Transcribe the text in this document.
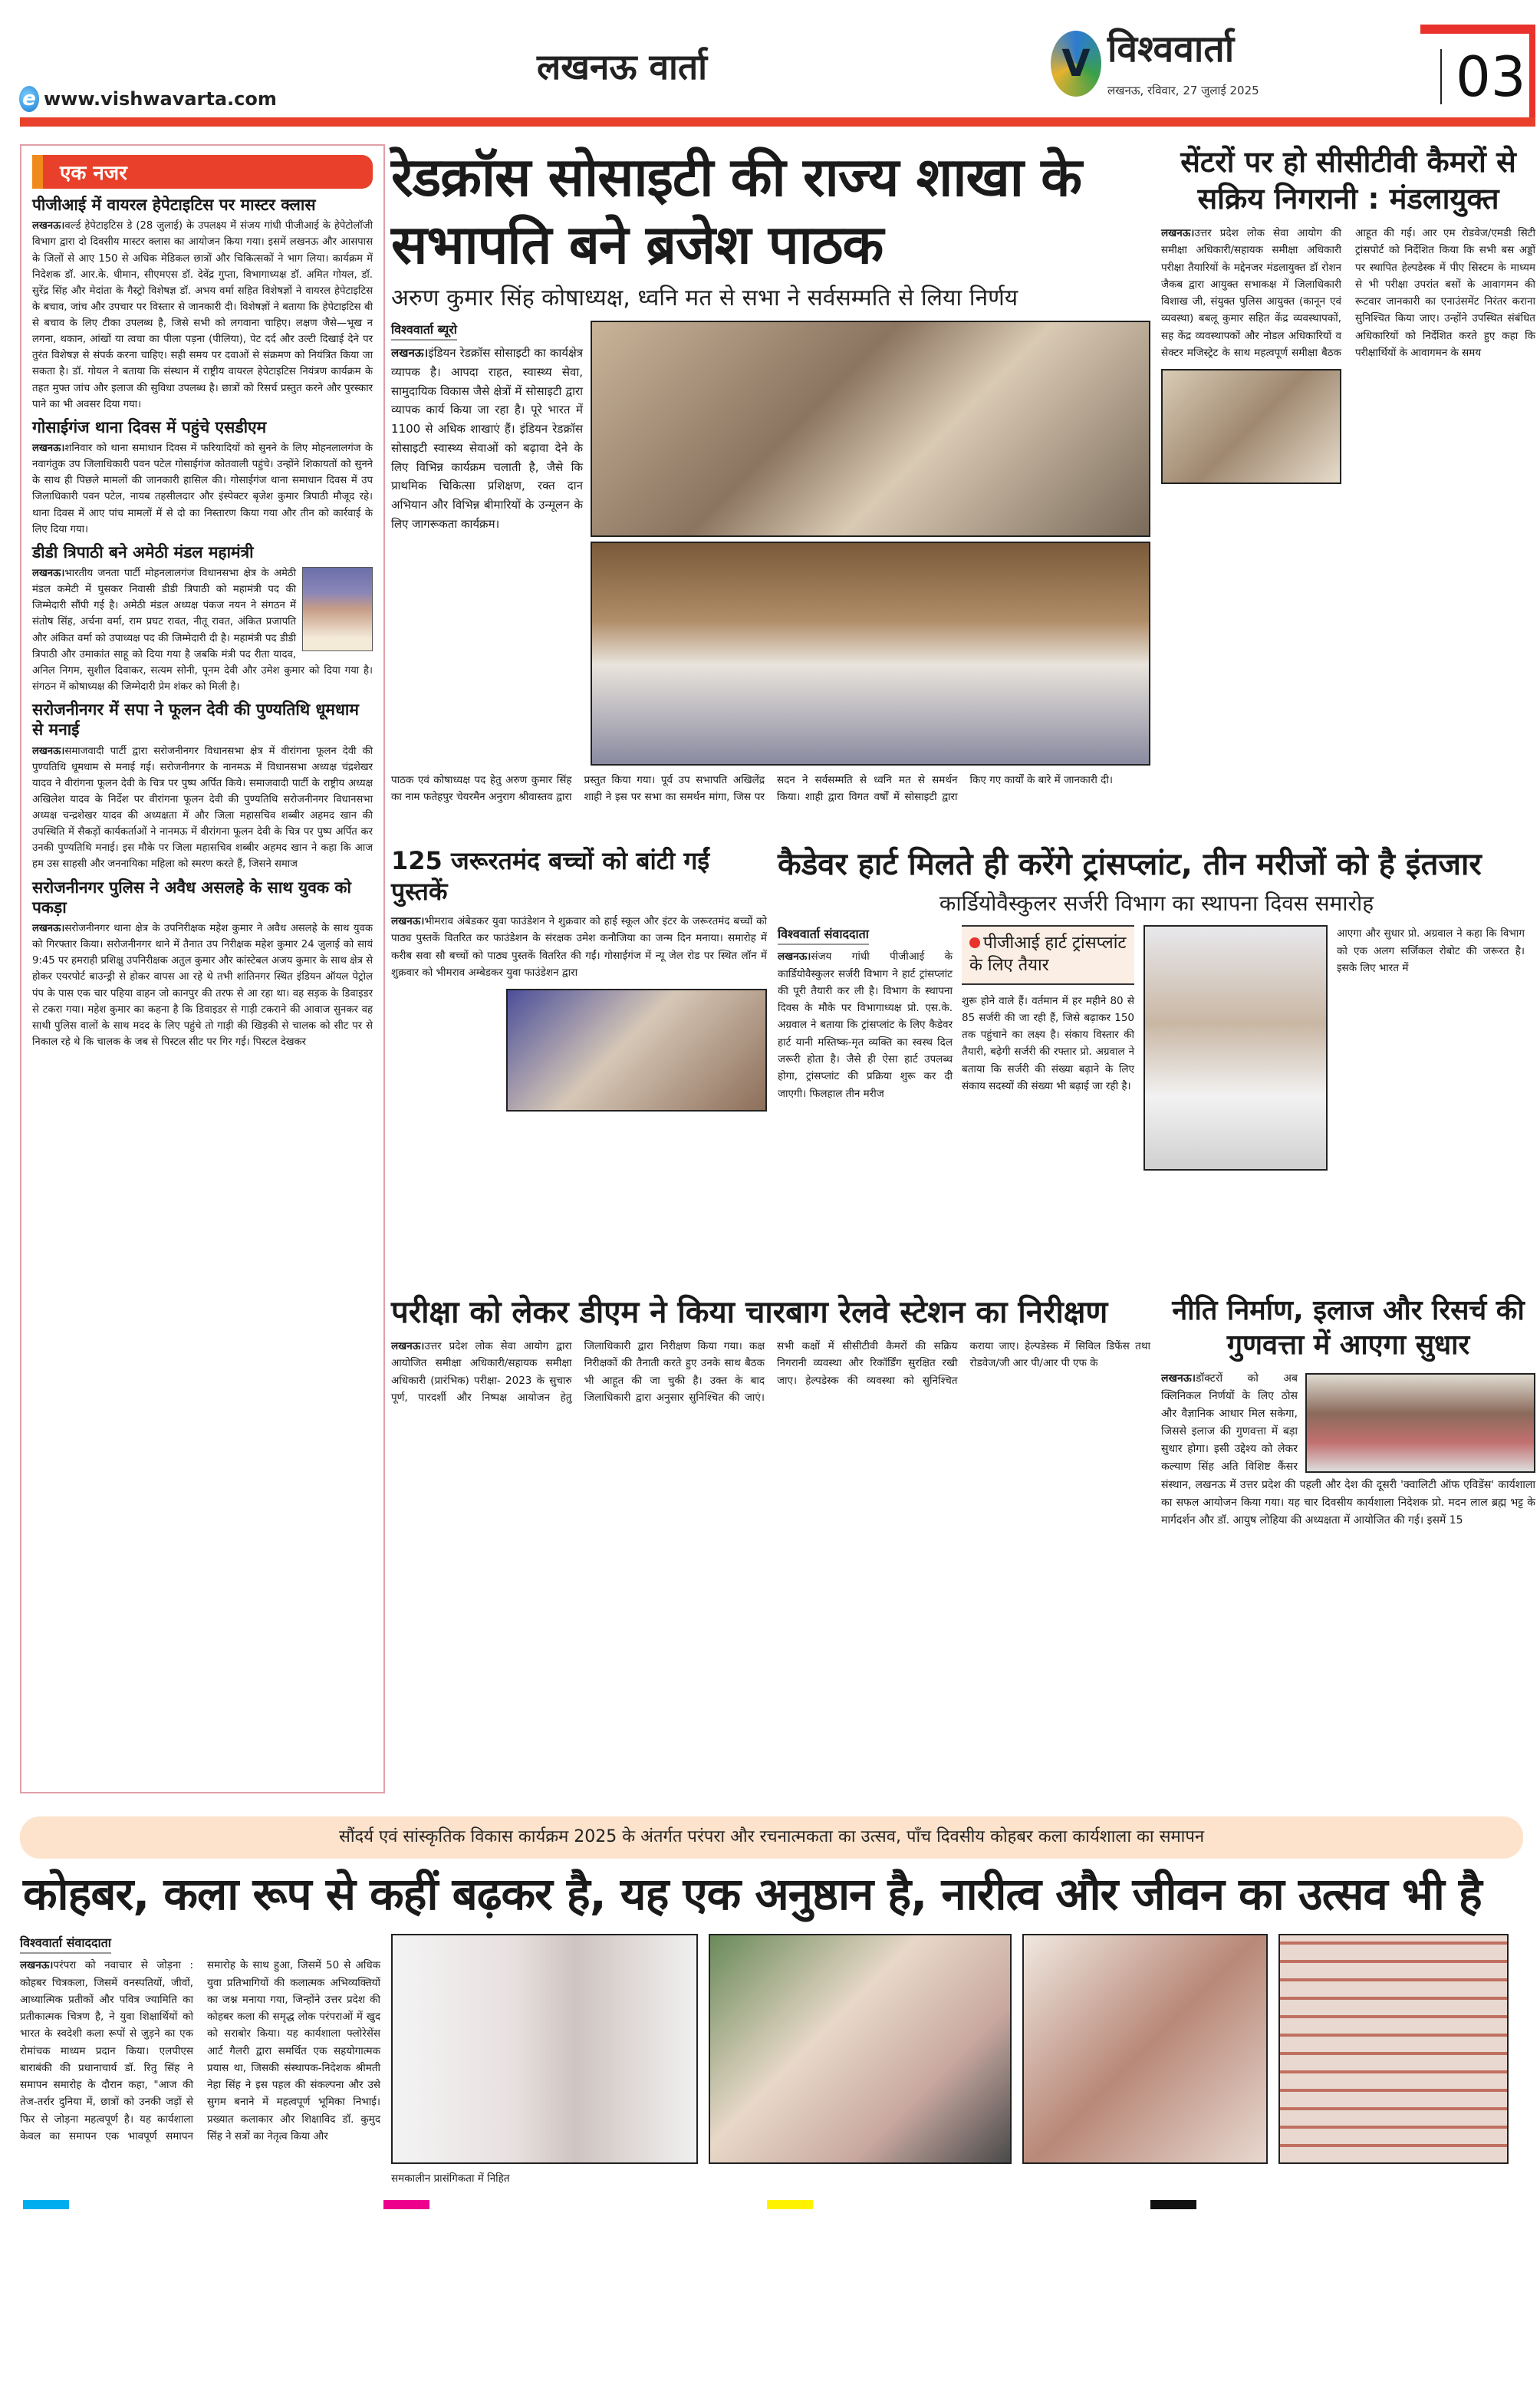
e www.vishwavarta.com
लखनऊ वार्ता	V विश्ववार्ता
लखनऊ, रविवार, 27 जुलाई 2025	03
एक नजर
पीजीआई में वायरल हेपेटाइटिस पर मास्टर क्लास

लखनऊ।वर्ल्ड हेपेटाइटिस डे (28 जुलाई) के उपलक्ष्य में संजय गांधी पीजीआई के हेपेटोलॉजी विभाग द्वारा दो दिवसीय मास्टर क्लास का आयोजन किया गया। इसमें लखनऊ और आसपास के जिलों से आए 150 से अधिक मेडिकल छात्रों और चिकित्सकों ने भाग लिया। कार्यक्रम में निदेशक डॉ. आर.के. धीमान, सीएमएस डॉ. देवेंद्र गुप्ता, विभागाध्यक्ष डॉ. अमित गोयल, डॉ. सुरेंद्र सिंह और मेदांता के गैस्ट्रो विशेषज्ञ डॉ. अभय वर्मा सहित विशेषज्ञों ने वायरल हेपेटाइटिस के बचाव, जांच और उपचार पर विस्तार से जानकारी दी। विशेषज्ञों ने बताया कि हेपेटाइटिस बी से बचाव के लिए टीका उपलब्ध है, जिसे सभी को लगवाना चाहिए। लक्षण जैसे—भूख न लगना, थकान, आंखों या त्वचा का पीला पड़ना (पीलिया), पेट दर्द और उल्टी दिखाई देने पर तुरंत विशेषज्ञ से संपर्क करना चाहिए। सही समय पर दवाओं से संक्रमण को नियंत्रित किया जा सकता है। डॉ. गोयल ने बताया कि संस्थान में राष्ट्रीय वायरल हेपेटाइटिस नियंत्रण कार्यक्रम के तहत मुफ्त जांच और इलाज की सुविधा उपलब्ध है। छात्रों को रिसर्च प्रस्तुत करने और पुरस्कार पाने का भी अवसर दिया गया।

गोसाईगंज थाना दिवस में पहुंचे एसडीएम

लखनऊ।शनिवार को थाना समाधान दिवस में फरियादियों को सुनने के लिए मोहनलालगंज के नवागंतुक उप जिलाधिकारी पवन पटेल गोसाईगंज कोतवाली पहुंचे। उन्होंने शिकायतों को सुनने के साथ ही पिछले मामलों की जानकारी हासिल की। गोसाईगंज थाना समाधान दिवस में उप जिलाधिकारी पवन पटेल, नायब तहसीलदार और इंस्पेक्टर बृजेश कुमार त्रिपाठी मौजूद रहे। थाना दिवस में आए पांच मामलों में से दो का निस्तारण किया गया और तीन को कार्रवाई के लिए दिया गया।

डीडी त्रिपाठी बने अमेठी मंडल महामंत्री

लखनऊ।भारतीय जनता पार्टी मोहनलालगंज विधानसभा क्षेत्र के अमेठी मंडल कमेटी में घुसकर निवासी डीडी त्रिपाठी को महामंत्री पद की जिम्मेदारी सौंपी गई है। अमेठी मंडल अध्यक्ष पंकज नयन ने संगठन में संतोष सिंह, अर्चना वर्मा, राम प्रघट रावत, नीतू रावत, अंकित प्रजापति और अंकित वर्मा को उपाध्यक्ष पद की जिम्मेदारी दी है। महामंत्री पद डीडी त्रिपाठी और उमाकांत साहू को दिया गया है जबकि मंत्री पद रीता यादव, अनिल निगम, सुशील दिवाकर, सत्यम सोनी, पूनम देवी और उमेश कुमार को दिया गया है। संगठन में कोषाध्यक्ष की जिम्मेदारी प्रेम शंकर को मिली है।

सरोजनीनगर में सपा ने फूलन देवी की पुण्यतिथि धूमधाम से मनाई

लखनऊ।समाजवादी पार्टी द्वारा सरोजनीनगर विधानसभा क्षेत्र में वीरांगना फूलन देवी की पुण्यतिथि धूमधाम से मनाई गई। सरोजनीनगर के नानमऊ में विधानसभा अध्यक्ष चंद्रशेखर यादव ने वीरांगना फूलन देवी के चित्र पर पुष्प अर्पित किये। समाजवादी पार्टी के राष्ट्रीय अध्यक्ष अखिलेश यादव के निर्देश पर वीरांगना फूलन देवी की पुण्यतिथि सरोजनीनगर विधानसभा अध्यक्ष चन्द्रशेखर यादव की अध्यक्षता में और जिला महासचिव शब्बीर अहमद खान की उपस्थिति में सैकड़ों कार्यकर्ताओं ने नानमऊ में वीरांगना फूलन देवी के चित्र पर पुष्प अर्पित कर उनकी पुण्यतिथि मनाई। इस मौके पर जिला महासचिव शब्बीर अहमद खान ने कहा कि आज हम उस साहसी और जननायिका महिला को स्मरण करते हैं, जिसने समाज

सरोजनीनगर पुलिस ने अवैध असलहे के साथ युवक को पकड़ा

लखनऊ।सरोजनीनगर थाना क्षेत्र के उपनिरीक्षक महेश कुमार ने अवैध असलहे के साथ युवक को गिरफ्तार किया। सरोजनीनगर थाने में तैनात उप निरीक्षक महेश कुमार 24 जुलाई को सायं 9:45 पर हमराही प्रशिक्षु उपनिरीक्षक अतुल कुमार और कांस्टेबल अजय कुमार के साथ क्षेत्र से होकर एयरपोर्ट बाउन्ड्री से होकर वापस आ रहे थे तभी शांतिनगर स्थित इंडियन ऑयल पेट्रोल पंप के पास एक चार पहिया वाहन जो कानपुर की तरफ से आ रहा था। वह सड़क के डिवाइडर से टकरा गया। महेश कुमार का कहना है कि डिवाइडर से गाड़ी टकराने की आवाज सुनकर वह साथी पुलिस वालों के साथ मदद के लिए पहुंचे तो गाड़ी की खिड़की से चालक को सीट पर से निकाल रहे थे कि चालक के जब से पिस्टल सीट पर गिर गई। पिस्टल देखकर

रेडक्रॉस सोसाइटी की राज्य शाखा के सभापति बने ब्रजेश पाठक
अरुण कुमार सिंह कोषाध्यक्ष, ध्वनि मत से सभा ने सर्वसम्मति से लिया निर्णय
विश्ववार्ता ब्यूरो

लखनऊ।इंडियन रेडक्रॉस सोसाइटी का कार्यक्षेत्र व्यापक है। आपदा राहत, स्वास्थ्य सेवा, सामुदायिक विकास जैसे क्षेत्रों में सोसाइटी द्वारा व्यापक कार्य किया जा रहा है। पूरे भारत में 1100 से अधिक शाखाएं हैं। इंडियन रेडक्रॉस सोसाइटी स्वास्थ्य सेवाओं को बढ़ावा देने के लिए विभिन्न कार्यक्रम चलाती है, जैसे कि प्राथमिक चिकित्सा प्रशिक्षण, रक्त दान अभियान और विभिन्न बीमारियों के उन्मूलन के लिए जागरूकता कार्यक्रम।

पाठक एवं कोषाध्यक्ष पद हेतु अरुण कुमार सिंह का नाम फतेहपुर चेयरमैन अनुराग श्रीवास्तव द्वारा प्रस्तुत किया गया। पूर्व उप सभापति अखिलेंद्र शाही ने इस पर सभा का समर्थन मांगा, जिस पर सदन ने सर्वसम्मति से ध्वनि मत से समर्थन किया। शाही द्वारा विगत वर्षों में सोसाइटी द्वारा किए गए कार्यों के बारे में जानकारी दी।

सेंटरों पर हो सीसीटीवी कैमरों से सक्रिय निगरानी : मंडलायुक्त

लखनऊ।उत्तर प्रदेश लोक सेवा आयोग की समीक्षा अधिकारी/सहायक समीक्षा अधिकारी परीक्षा तैयारियों के मद्देनजर मंडलायुक्त डॉ रोशन जैकब द्वारा आयुक्त सभाकक्ष में जिलाधिकारी विशाख जी, संयुक्त पुलिस आयुक्त (कानून एवं व्यवस्था) बबलू कुमार सहित केंद्र व्यवस्थापकों, सह केंद्र व्यवस्थापकों और नोडल अधिकारियों व सेक्टर मजिस्ट्रेट के साथ महत्वपूर्ण समीक्षा बैठक आहूत की गई। आर एम रोडवेज/एमडी सिटी ट्रांसपोर्ट को निर्देशित किया कि सभी बस अड्डों पर स्थापित हेल्पडेस्क में पीए सिस्टम के माध्यम से भी परीक्षा उपरांत बसों के आवागमन की रूटवार जानकारी का एनाउंसमेंट निरंतर कराना सुनिश्चित किया जाए। उन्होंने उपस्थित संबंधित अधिकारियों को निर्देशित करते हुए कहा कि परीक्षार्थियों के आवागमन के समय

125 जरूरतमंद बच्चों को बांटी गईं पुस्तकें

लखनऊ।भीमराव अंबेडकर युवा फाउंडेशन ने शुक्रवार को हाई स्कूल और इंटर के जरूरतमंद बच्चों को पाठ्य पुस्तकें वितरित कर फाउंडेशन के संरक्षक उमेश कनौजिया का जन्म दिन मनाया। समारोह में करीब सवा सौ बच्चों को पाठ्य पुस्तकें वितरित की गईं। गोसाईगंज में न्यू जेल रोड पर स्थित लॉन में शुक्रवार को भीमराव अम्बेडकर युवा फाउंडेशन द्वारा

कैडेवर हार्ट मिलते ही करेंगे ट्रांसप्लांट, तीन मरीजों को है इंतजार
कार्डियोवैस्कुलर सर्जरी विभाग का स्थापना दिवस समारोह
विश्ववार्ता संवाददाता

लखनऊ।संजय गांधी पीजीआई के कार्डियोवैस्कुलर सर्जरी विभाग ने हार्ट ट्रांसप्लांट की पूरी तैयारी कर ली है। विभाग के स्थापना दिवस के मौके पर विभागाध्यक्ष प्रो. एस.के. अग्रवाल ने बताया कि ट्रांसप्लांट के लिए कैडेवर हार्ट यानी मस्तिष्क-मृत व्यक्ति का स्वस्थ दिल जरूरी होता है। जैसे ही ऐसा हार्ट उपलब्ध होगा, ट्रांसप्लांट की प्रक्रिया शुरू कर दी जाएगी। फिलहाल तीन मरीज

पीजीआई हार्ट ट्रांसप्लांट के लिए तैयार

शुरू होने वाले हैं। वर्तमान में हर महीने 80 से 85 सर्जरी की जा रही हैं, जिसे बढ़ाकर 150 तक पहुंचाने का लक्ष्य है। संकाय विस्तार की तैयारी, बढ़ेगी सर्जरी की रफ्तार प्रो. अग्रवाल ने बताया कि सर्जरी की संख्या बढ़ाने के लिए संकाय सदस्यों की संख्या भी बढ़ाई जा रही है।

आएगा और सुधार प्रो. अग्रवाल ने कहा कि विभाग को एक अलग सर्जिकल रोबोट की जरूरत है। इसके लिए भारत में

परीक्षा को लेकर डीएम ने किया चारबाग रेलवे स्टेशन का निरीक्षण

लखनऊ।उत्तर प्रदेश लोक सेवा आयोग द्वारा आयोजित समीक्षा अधिकारी/सहायक समीक्षा अधिकारी (प्रारंभिक) परीक्षा- 2023 के सुचारु पूर्ण, पारदर्शी और निष्पक्ष आयोजन हेतु जिलाधिकारी द्वारा निरीक्षण किया गया। कक्ष निरीक्षकों की तैनाती करते हुए उनके साथ बैठक भी आहूत की जा चुकी है। उक्त के बाद जिलाधिकारी द्वारा अनुसार सुनिश्चित की जाएं। सभी कक्षों में सीसीटीवी कैमरों की सक्रिय निगरानी व्यवस्था और रिकॉर्डिंग सुरक्षित रखी जाए। हेल्पडेस्क की व्यवस्था को सुनिश्चित कराया जाए। हेल्पडेस्क में सिविल डिफेंस तथा रोडवेज/जी आर पी/आर पी एफ के

नीति निर्माण, इलाज और रिसर्च की गुणवत्ता में आएगा सुधार

लखनऊ।डॉक्टरों को अब क्लिनिकल निर्णयों के लिए ठोस और वैज्ञानिक आधार मिल सकेगा, जिससे इलाज की गुणवत्ता में बड़ा सुधार होगा। इसी उद्देश्य को लेकर कल्याण सिंह अति विशिष्ट कैंसर संस्थान, लखनऊ में उत्तर प्रदेश की पहली और देश की दूसरी 'क्वालिटी ऑफ एविडेंस' कार्यशाला का सफल आयोजन किया गया। यह चार दिवसीय कार्यशाला निदेशक प्रो. मदन लाल ब्रह्म भट्ट के मार्गदर्शन और डॉ. आयुष लोहिया की अध्यक्षता में आयोजित की गई। इसमें 15

सौंदर्य एवं सांस्कृतिक विकास कार्यक्रम 2025 के अंतर्गत परंपरा और रचनात्मकता का उत्सव, पाँच दिवसीय कोहबर कला कार्यशाला का समापन
कोहबर, कला रूप से कहीं बढ़कर है, यह एक अनुष्ठान है, नारीत्व और जीवन का उत्सव भी है
विश्ववार्ता संवाददाता

लखनऊ।परंपरा को नवाचार से जोड़ना : कोहबर चित्रकला, जिसमें वनस्पतियों, जीवों, आध्यात्मिक प्रतीकों और पवित्र ज्यामिति का प्रतीकात्मक चित्रण है, ने युवा शिक्षार्थियों को भारत के स्वदेशी कला रूपों से जुड़ने का एक रोमांचक माध्यम प्रदान किया। एलपीएस बाराबंकी की प्रधानाचार्य डॉ. रितु सिंह ने समापन समारोह के दौरान कहा, "आज की तेज-तर्रार दुनिया में, छात्रों को उनकी जड़ों से फिर से जोड़ना महत्वपूर्ण है। यह कार्यशाला केवल का समापन एक भावपूर्ण समापन समारोह के साथ हुआ, जिसमें 50 से अधिक युवा प्रतिभागियों की कलात्मक अभिव्यक्तियों का जश्न मनाया गया, जिन्होंने उत्तर प्रदेश की कोहबर कला की समृद्ध लोक परंपराओं में खुद को सराबोर किया। यह कार्यशाला फ्लोरेसेंस आर्ट गैलरी द्वारा समर्थित एक सहयोगात्मक प्रयास था, जिसकी संस्थापक-निदेशक श्रीमती नेहा सिंह ने इस पहल की संकल्पना और उसे सुगम बनाने में महत्वपूर्ण भूमिका निभाई। प्रख्यात कलाकार और शिक्षाविद डॉ. कुमुद सिंह ने सत्रों का नेतृत्व किया और

समकालीन प्रासंगिकता में निहित
